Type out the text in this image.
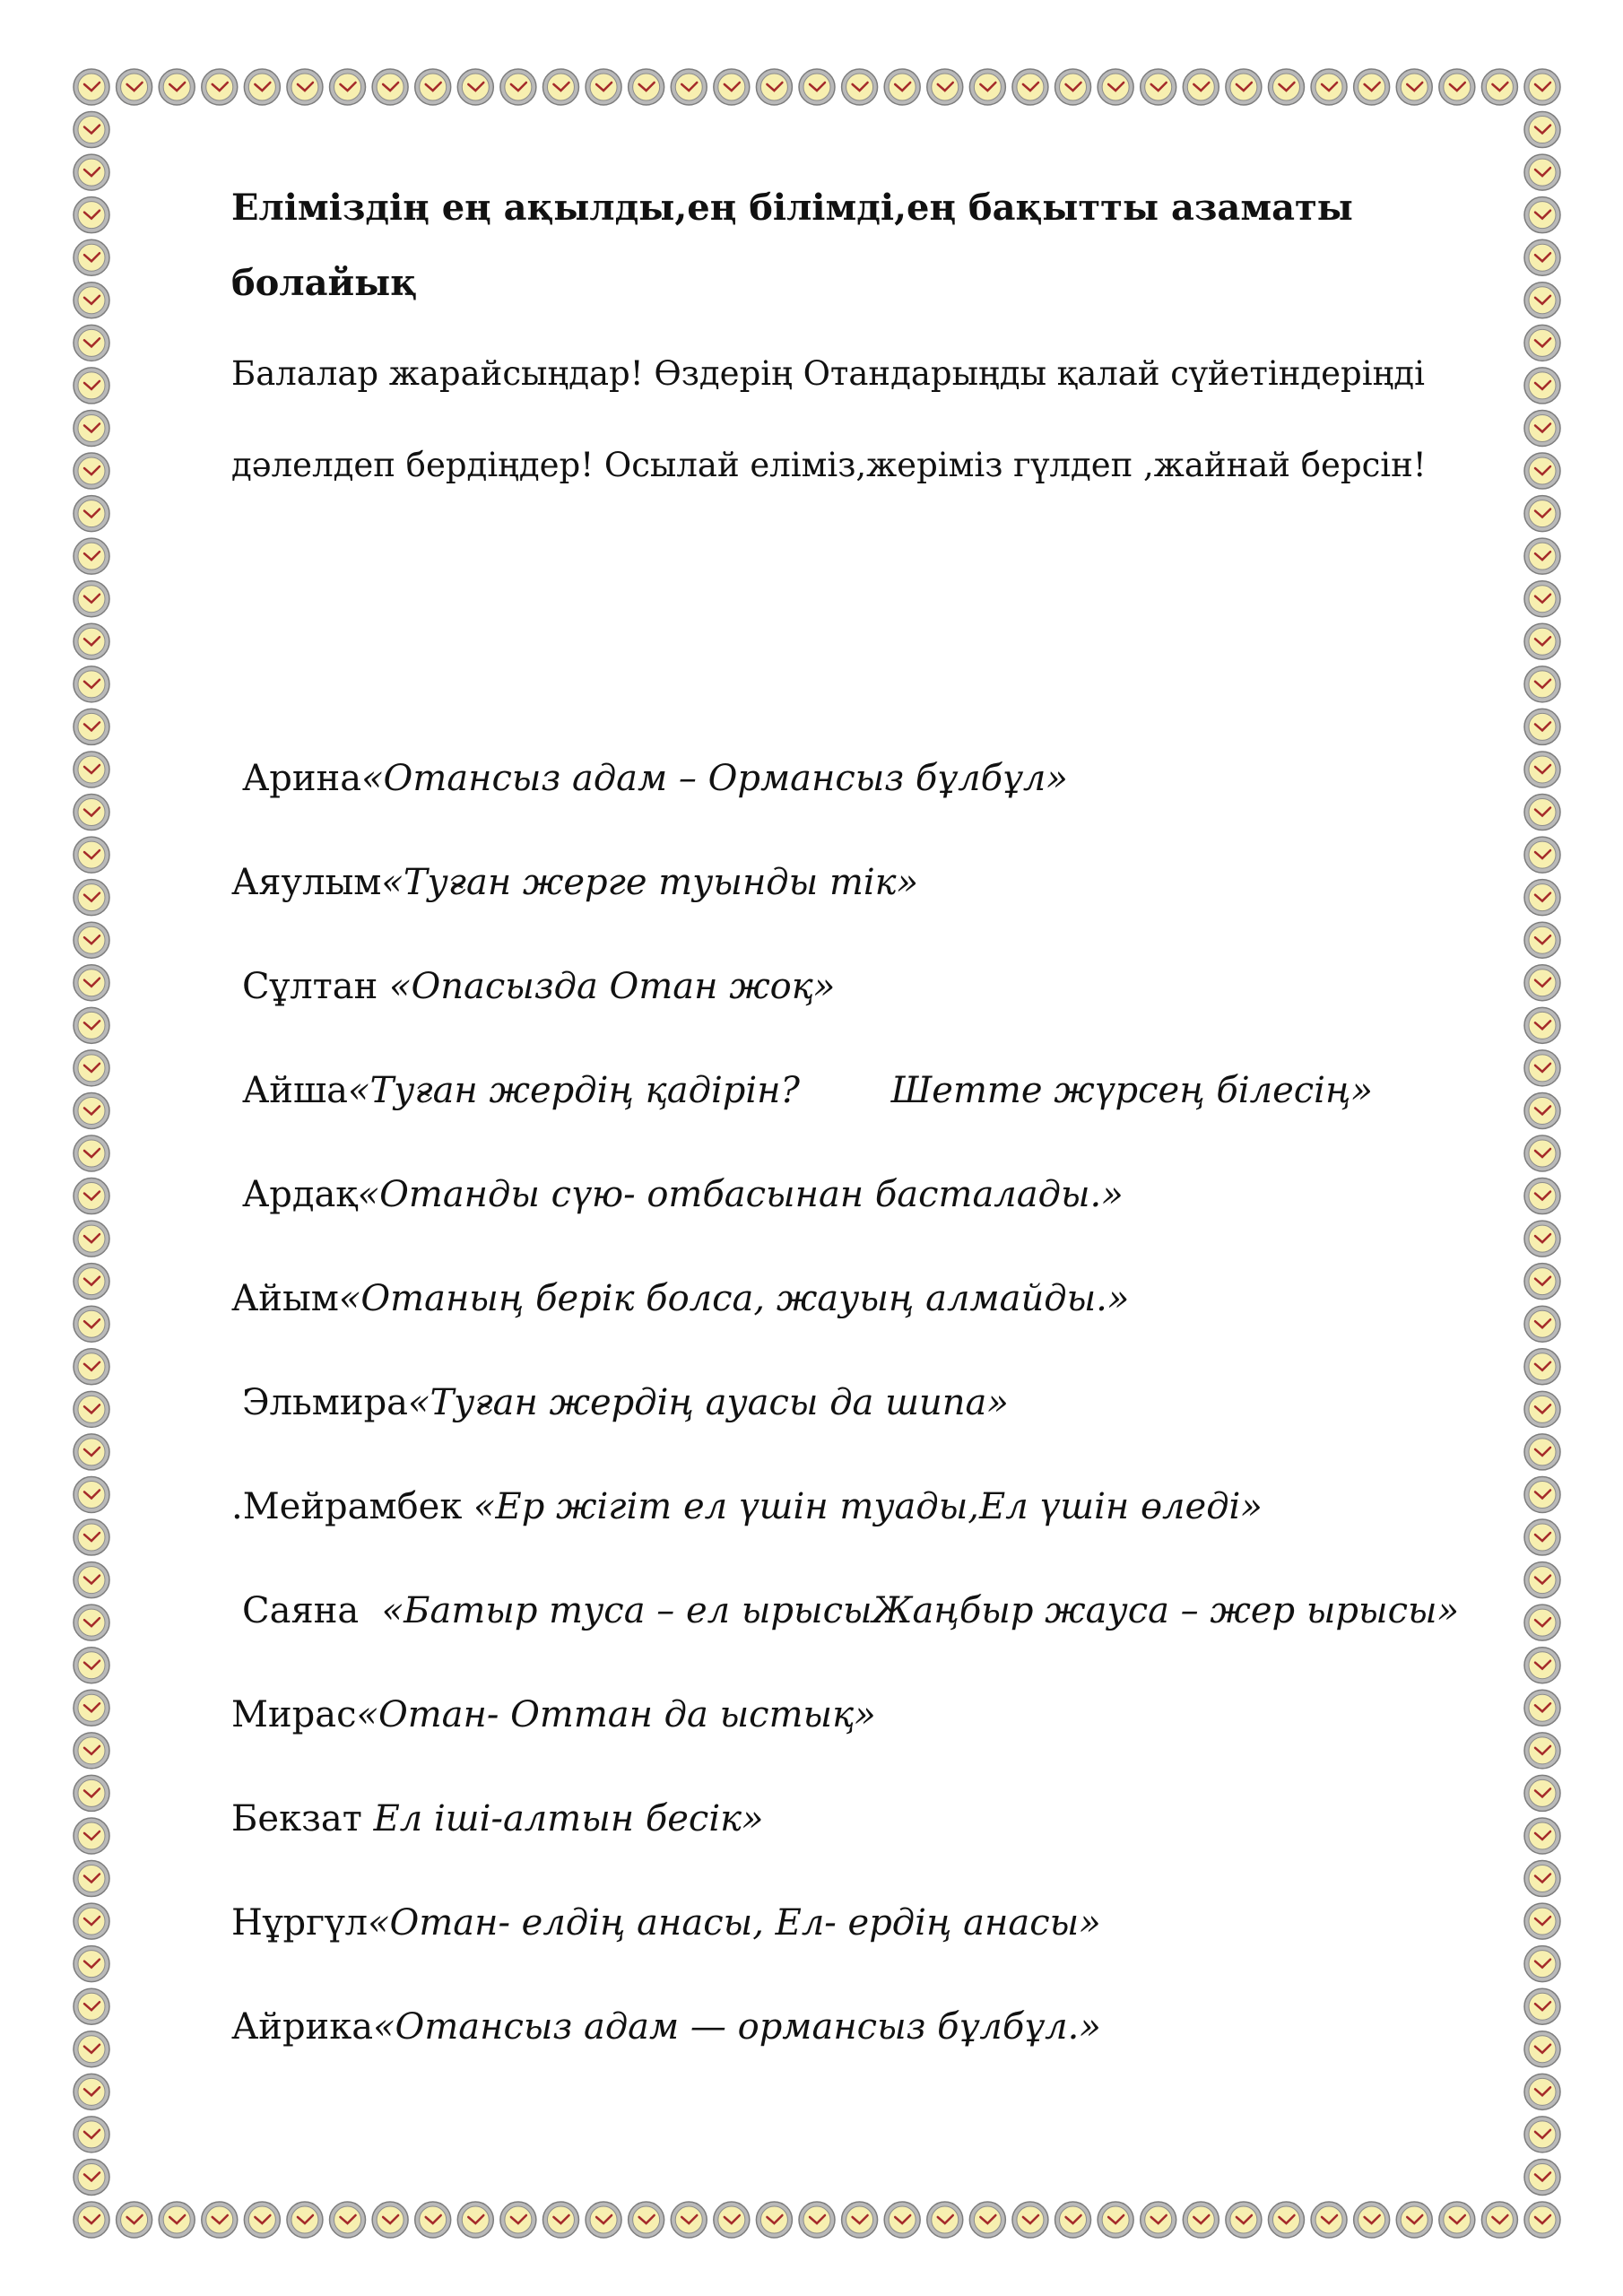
Еліміздің ең ақылды,ең білімді,ең бақытты азаматы
болайық

Балалар жарайсыңдар! Өздерің Отандарыңды қалай сүйетіндеріңді
дәлелдеп бердіңдер! Осылай еліміз,жеріміз гүлдеп ,жайнай берсін!

Арина«Отансыз адам – Ормансыз бұлбұл»
Аяулым«Туған жерге туынды тік»
Сұлтан «Опасызда Отан жоқ»
Айша«Туған жердің қадірін?        Шетте жүрсең білесің»
Ардақ«Отанды сүю- отбасынан басталады.»
Айым«Отаның берік болса, жауың алмайды.»
Эльмира«Туған жердің ауасы да шипа»
.Мейрамбек «Ер жігіт ел үшін туады,Ел үшін өледі»
Саяна  «Батыр туса – ел ырысыЖаңбыр жауса – жер ырысы»
Мирас«Отан- Оттан да ыстық»
Бекзат Ел іші-алтын бесік»
Нұргүл«Отан- елдің анасы, Ел- ердің анасы»
Айрика«Отансыз адам — ормансыз бұлбұл.»
